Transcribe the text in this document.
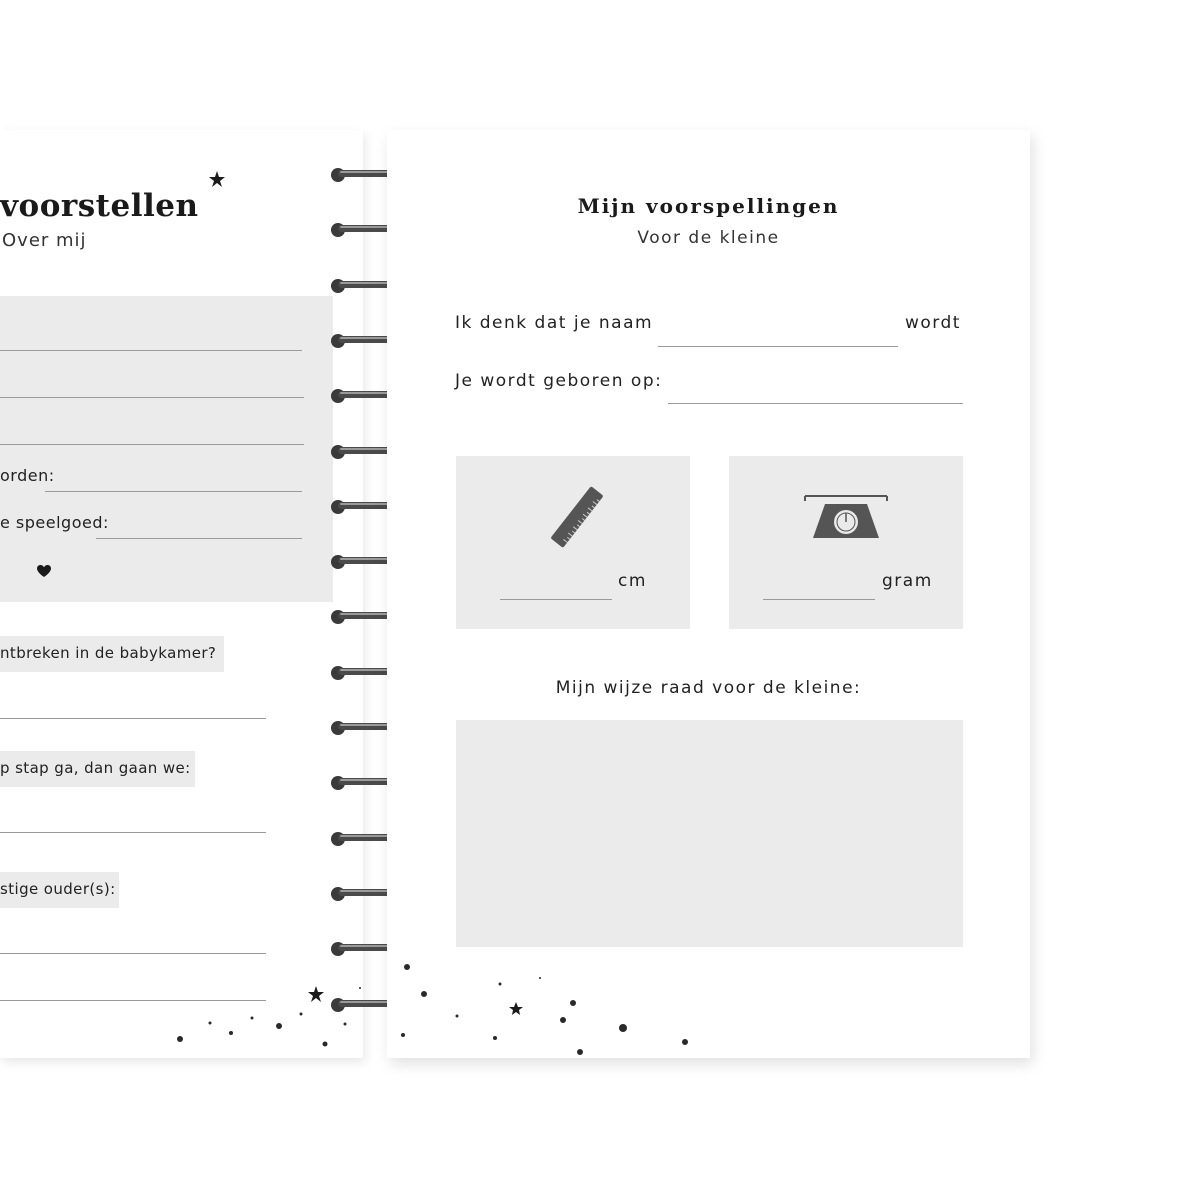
voorstellen
Over mij
orden:
e speelgoed:
ntbreken in de babykamer?
p stap ga, dan gaan we:
stige ouder(s):
Mijn voorspellingen
Voor de kleine
Ik denk dat je naam	wordt
Je wordt geboren op:
cm	gram
Mijn wijze raad voor de kleine:
